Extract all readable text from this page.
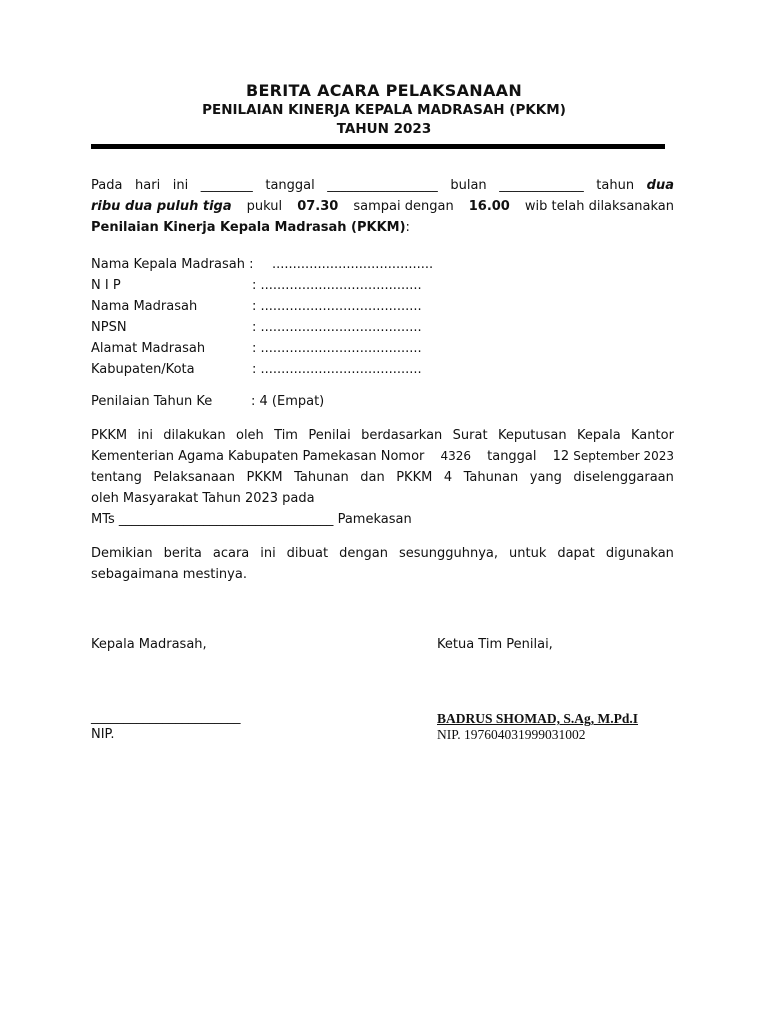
BERITA ACARA PELAKSANAAN
PENILAIAN KINERJA KEPALA MADRASAH (PKKM)
TAHUN 2023
Pada hari ini ________ tanggal _________________ bulan _____________ tahun dua
ribu dua puluh tiga pukul 07.30 sampai dengan 16.00 wib telah dilaksanakan
Penilaian Kinerja Kepala Madrasah (PKKM):
Nama Kepala Madrasah : .......................................
N I P	: .......................................
Nama Madrasah	: .......................................
NPSN	: .......................................
Alamat Madrasah	: .......................................
Kabupaten/Kota	: .......................................
Penilaian Tahun Ke	: 4 (Empat)
PKKM ini dilakukan oleh Tim Penilai berdasarkan Surat Keputusan Kepala Kantor
Kementerian Agama Kabupaten Pamekasan Nomor 4326 tanggal 12 September 2023
tentang Pelaksanaan PKKM Tahunan dan PKKM 4 Tahunan yang diselenggaraan
oleh Masyarakat Tahun 2023 pada
MTs _________________________________ Pamekasan
Demikian berita acara ini dibuat dengan sesungguhnya, untuk dapat digunakan
sebagaimana mestinya.
Kepala Madrasah,	Ketua Tim Penilai,
_______________________	BADRUS SHOMAD, S.Ag, M.Pd.I
NIP.	NIP. 197604031999031002
